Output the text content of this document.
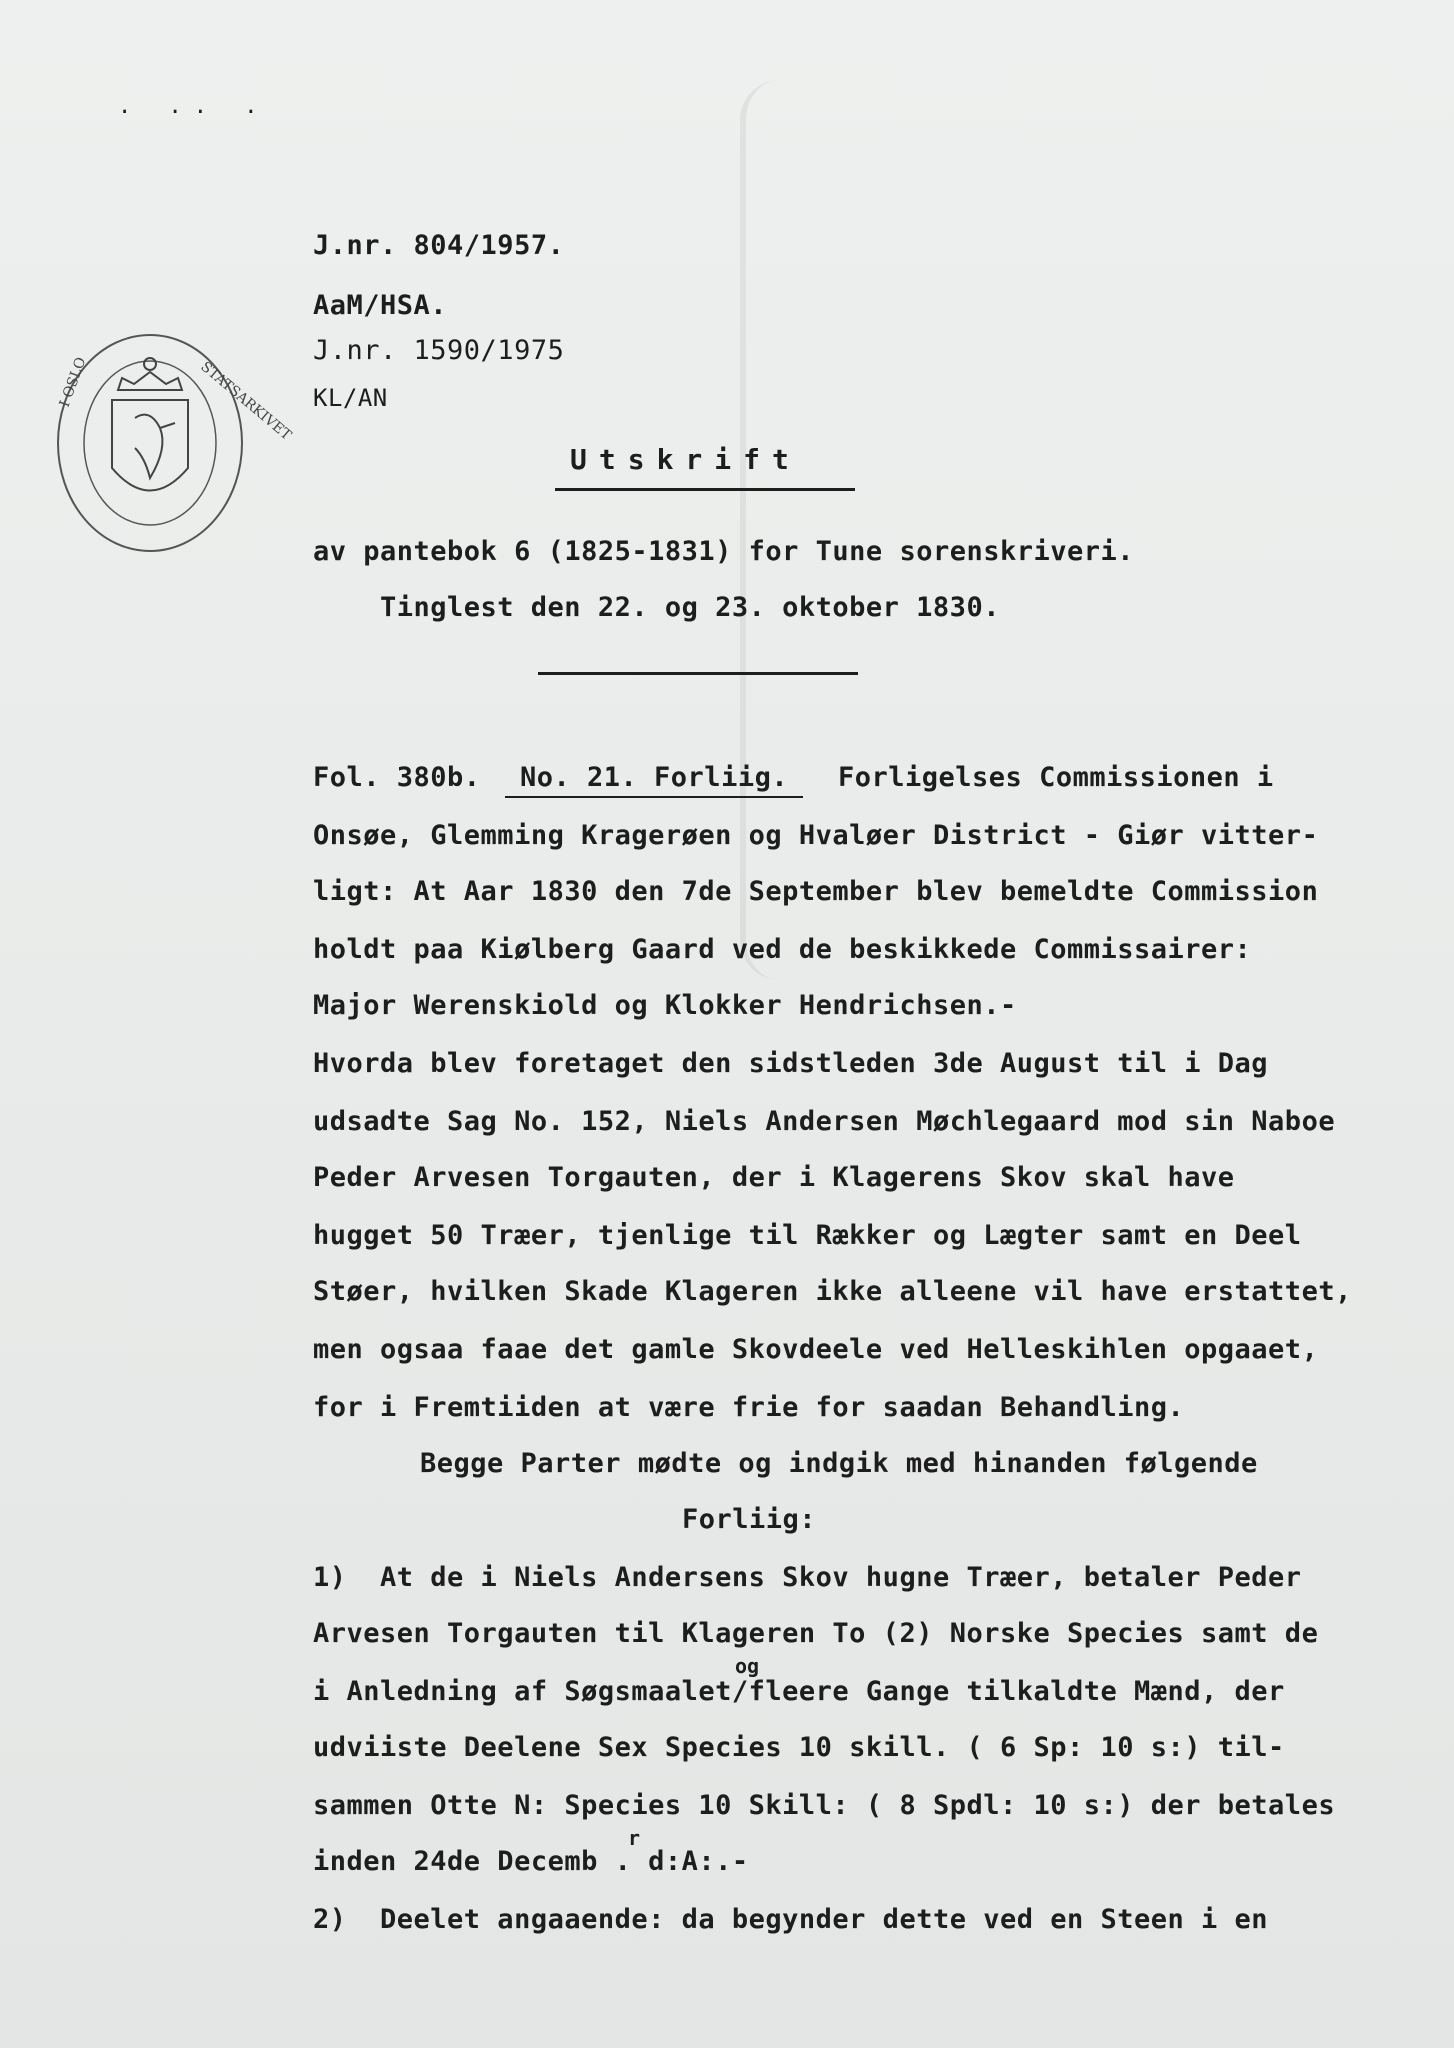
· ·· ·
J.nr. 804/1957.
AaM/HSA.
J.nr. 1590/1975
KL/AN
STATSARKIVET
I OSLO
Utskrift
av pantebok 6 (1825-1831) for Tune sorenskriveri.
Tinglest den 22. og 23. oktober 1830.
Fol. 380b. No. 21. Forliig. Forligelses Commissionen i
Onsøe, Glemming Kragerøen og Hvaløer District - Giør vitter-
ligt: At Aar 1830 den 7de September blev bemeldte Commission
holdt paa Kiølberg Gaard ved de beskikkede Commissairer:
Major Werenskiold og Klokker Hendrichsen.-
Hvorda blev foretaget den sidstleden 3de August til i Dag
udsadte Sag No. 152, Niels Andersen Møchlegaard mod sin Naboe
Peder Arvesen Torgauten, der i Klagerens Skov skal have
hugget 50 Træer, tjenlige til Rækker og Lægter samt en Deel
Støer, hvilken Skade Klageren ikke alleene vil have erstattet,
men ogsaa faae det gamle Skovdeele ved Helleskihlen opgaaet,
for i Fremtiiden at være frie for saadan Behandling.
Begge Parter mødte og indgik med hinanden følgende
Forliig:
1)  At de i Niels Andersens Skov hugne Træer, betaler Peder
Arvesen Torgauten til Klageren To (2) Norske Species samt de
og
i Anledning af Søgsmaalet/fleere Gange tilkaldte Mænd, der
udviiste Deelene Sex Species 10 skill. ( 6 Sp: 10 s:) til-
sammen Otte N: Species 10 Skill: ( 8 Spdl: 10 s:) der betales
r
inden 24de Decemb . d:A:.-
2)  Deelet angaaende: da begynder dette ved en Steen i en
